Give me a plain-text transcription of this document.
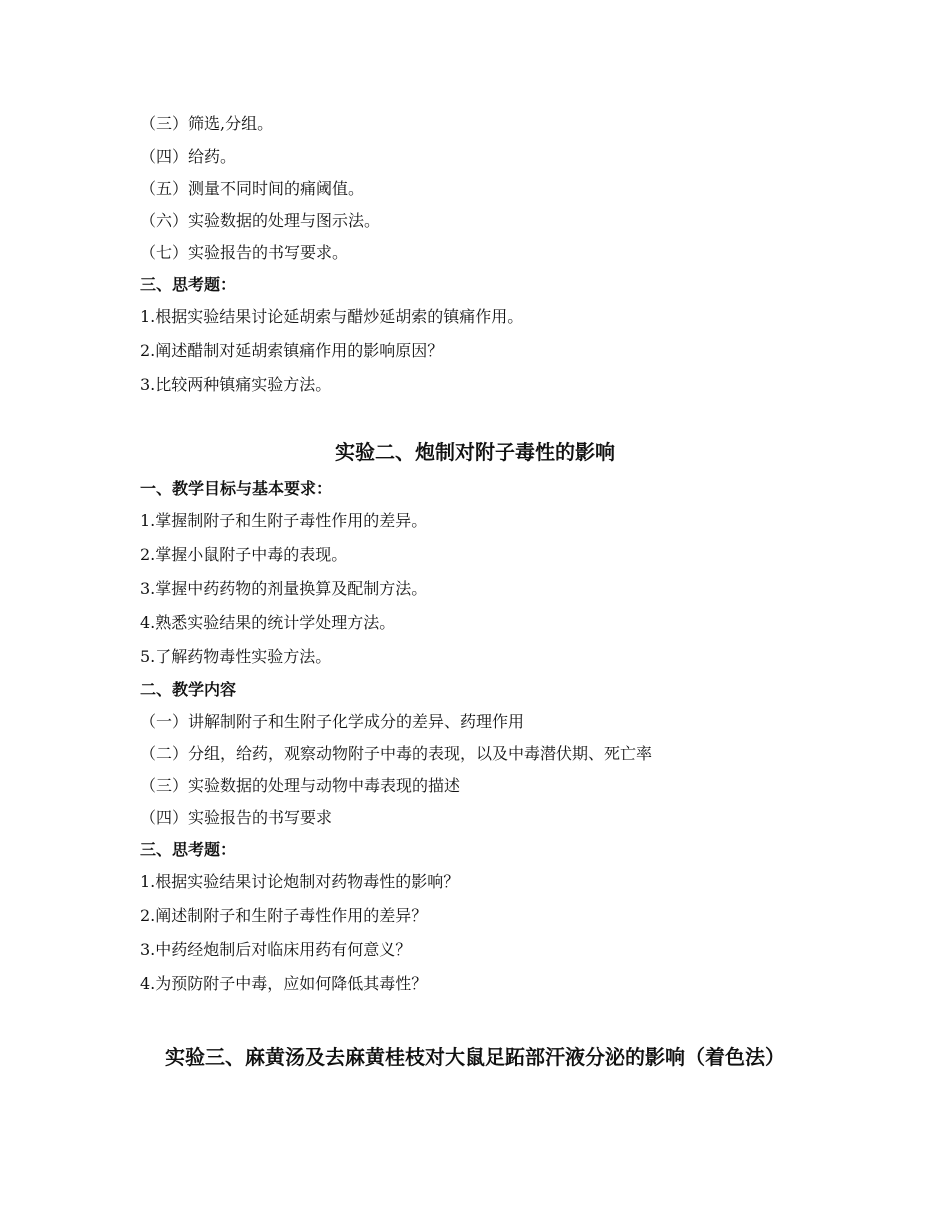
（三）筛选,分组。
（四）给药。
（五）测量不同时间的痛阈值。
（六）实验数据的处理与图示法。
（七）实验报告的书写要求。
三、思考题：
1.根据实验结果讨论延胡索与醋炒延胡索的镇痛作用。
2.阐述醋制对延胡索镇痛作用的影响原因？
3.比较两种镇痛实验方法。
实验二、炮制对附子毒性的影响
一、教学目标与基本要求：
1.掌握制附子和生附子毒性作用的差异。
2.掌握小鼠附子中毒的表现。
3.掌握中药药物的剂量换算及配制方法。
4.熟悉实验结果的统计学处理方法。
5.了解药物毒性实验方法。
二、教学内容
（一）讲解制附子和生附子化学成分的差异、药理作用
（二）分组，给药，观察动物附子中毒的表现，以及中毒潜伏期、死亡率
（三）实验数据的处理与动物中毒表现的描述
（四）实验报告的书写要求
三、思考题：
1.根据实验结果讨论炮制对药物毒性的影响？
2.阐述制附子和生附子毒性作用的差异？
3.中药经炮制后对临床用药有何意义？
4.为预防附子中毒，应如何降低其毒性？
实验三、麻黄汤及去麻黄桂枝对大鼠足跖部汗液分泌的影响（着色法）
